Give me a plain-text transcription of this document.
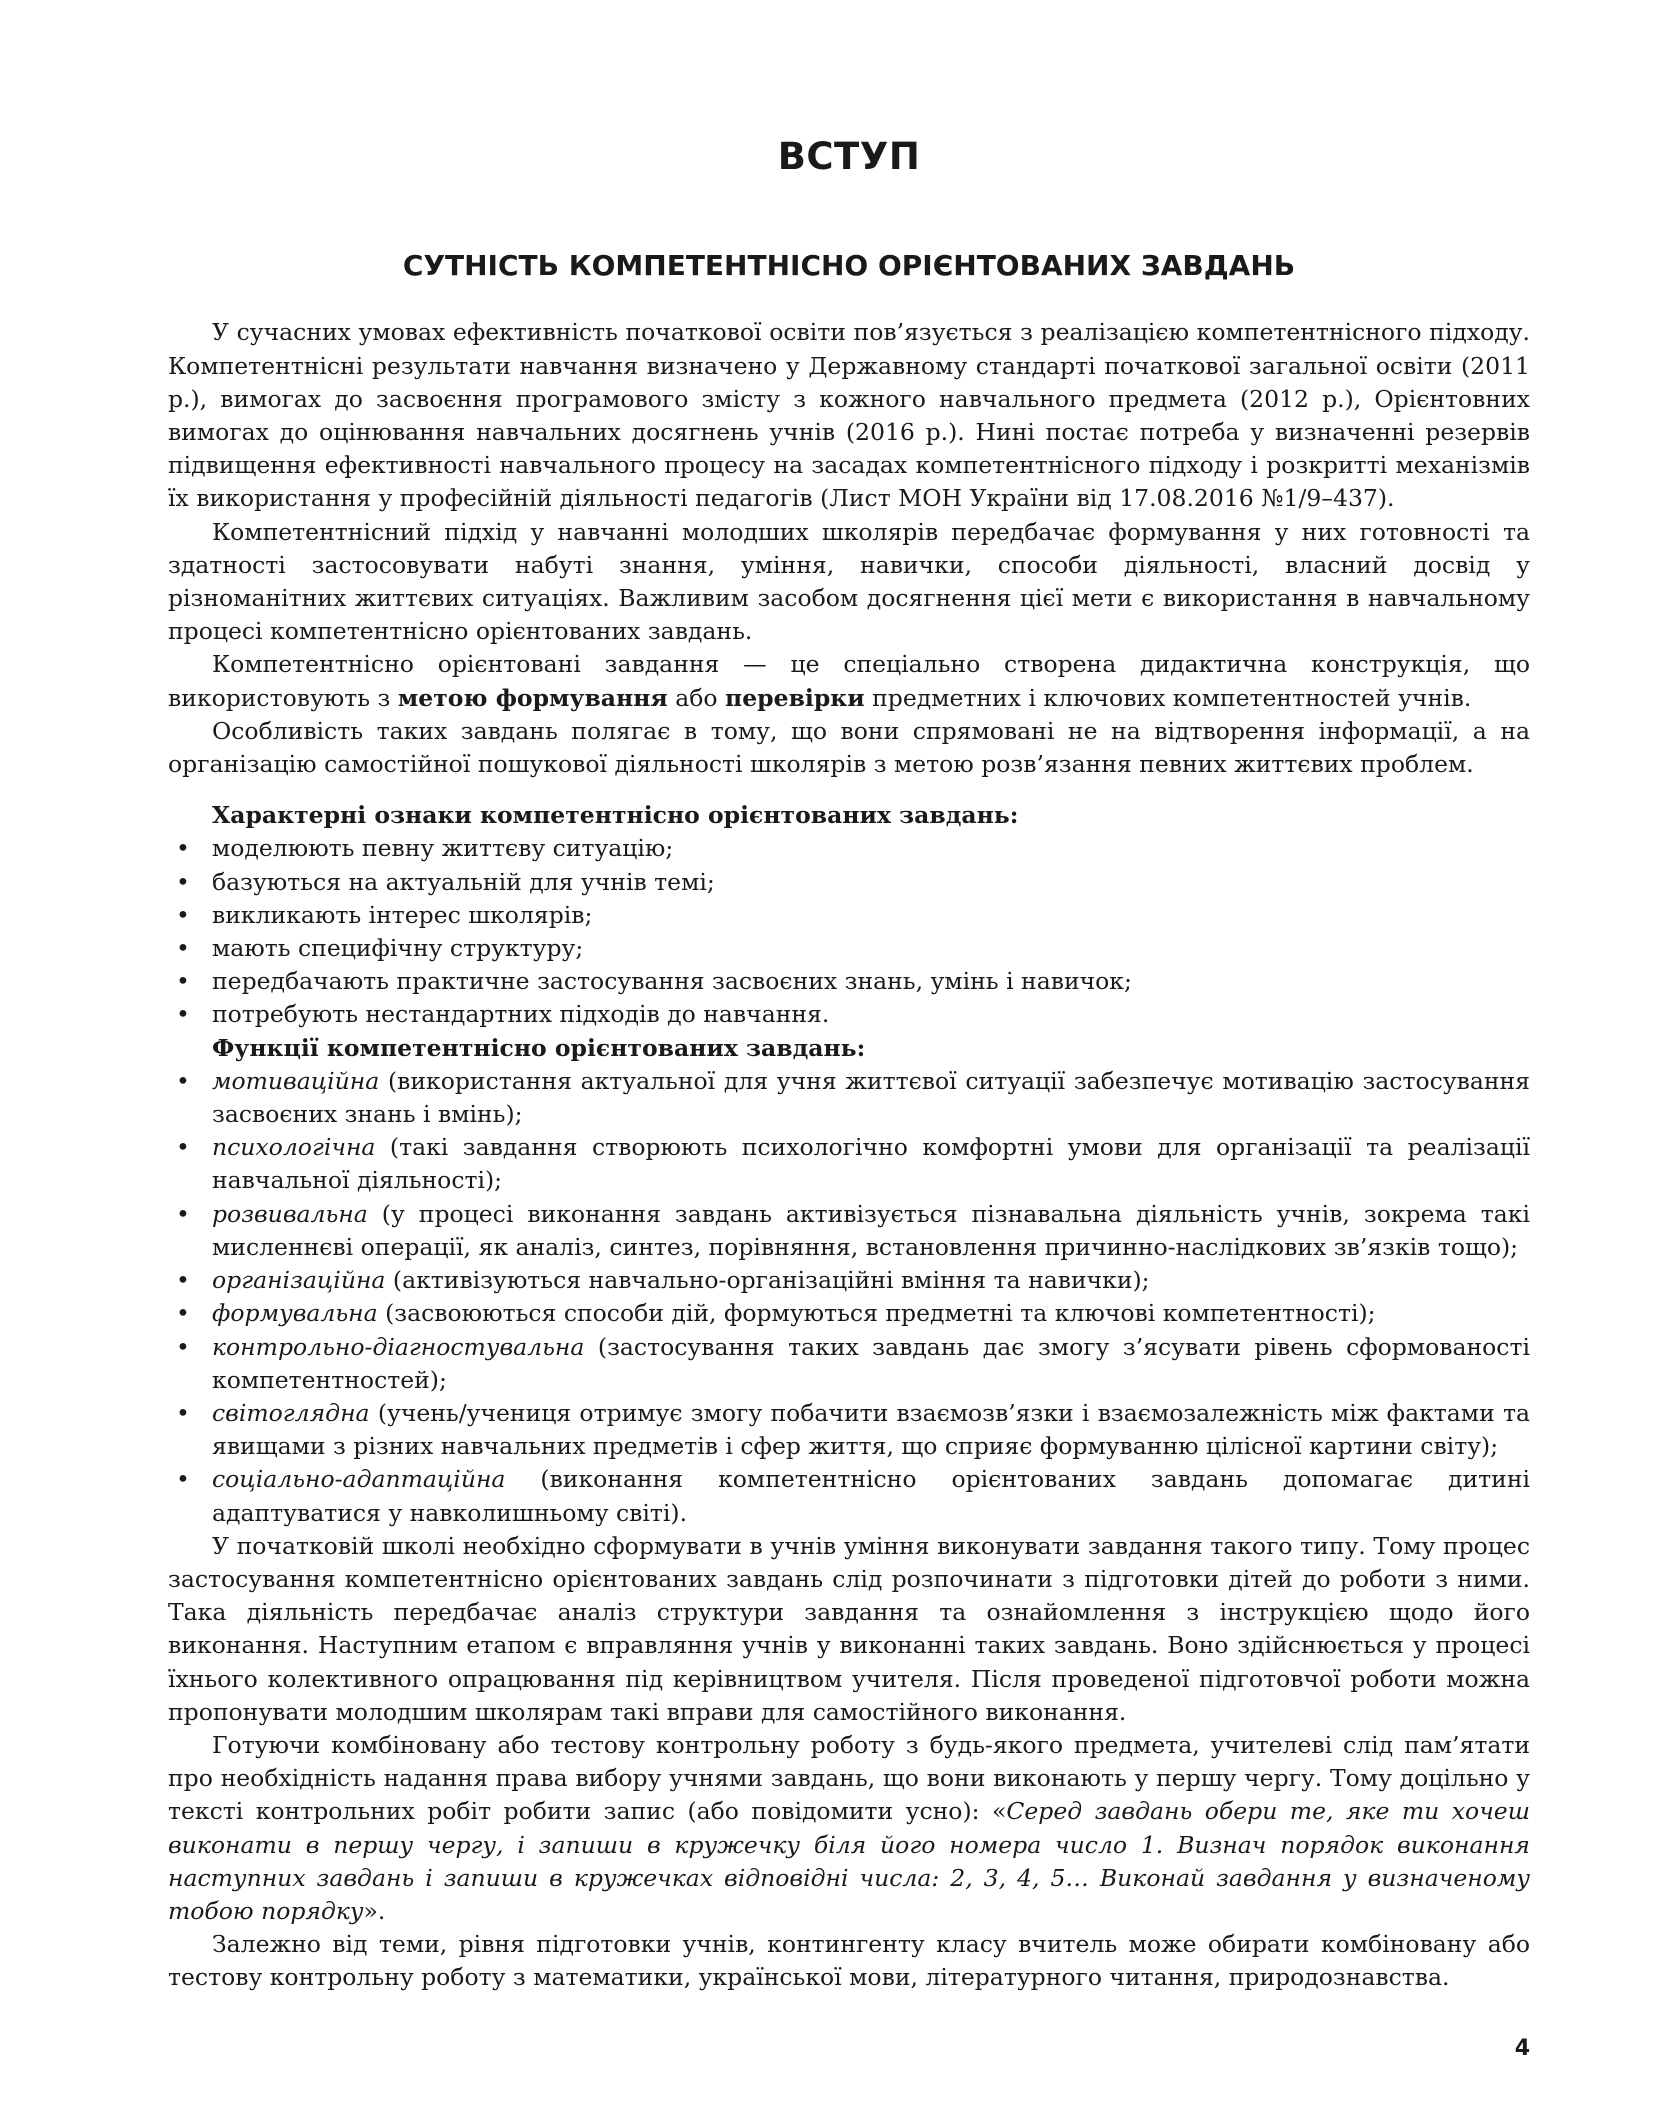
ВСТУП
СУТНІСТЬ КОМПЕТЕНТНІСНО ОРІЄНТОВАНИХ ЗАВДАНЬ

У сучасних умовах ефективність початкової освіти пов’язується з реалізацією компетентнісного підходу. Компетентнісні результати навчання визначено у Державному стандарті початкової загальної освіти (2011 р.), вимогах до засвоєння програмового змісту з кожного навчального предмета (2012 р.), Орієнтовних вимогах до оцінювання навчальних досягнень учнів (2016 р.). Нині постає потреба у визначенні резервів підвищення ефективності навчального процесу на засадах компетентнісного підходу і розкритті механізмів їх використання у професійній діяльності педагогів (Лист МОН України від 17.08.2016 №1/9–437).

Компетентнісний підхід у навчанні молодших школярів передбачає формування у них готовності та здатності застосовувати набуті знання, уміння, навички, способи діяльності, власний досвід у різноманітних життєвих ситуаціях. Важливим засобом досягнення цієї мети є використання в навчальному процесі компетентнісно орієнтованих завдань.

Компетентнісно орієнтовані завдання — це спеціально створена дидактична конструкція, що використовують з метою формування або перевірки предметних і ключових компетентностей учнів.

Особливість таких завдань полягає в тому, що вони спрямовані не на відтворення інформації, а на організацію самостійної пошукової діяльності школярів з метою розв’язання певних життєвих проблем.

Характерні ознаки компетентнісно орієнтованих завдань:
• моделюють певну життєву ситуацію;
• базуються на актуальній для учнів темі;
• викликають інтерес школярів;
• мають специфічну структуру;
• передбачають практичне застосування засвоєних знань, умінь і навичок;
• потребують нестандартних підходів до навчання.
Функції компетентнісно орієнтованих завдань:
• мотиваційна (використання актуальної для учня життєвої ситуації забезпечує мотивацію застосування засвоєних знань і вмінь);
• психологічна (такі завдання створюють психологічно комфортні умови для організації та реалізації навчальної діяльності);
• розвивальна (у процесі виконання завдань активізується пізнавальна діяльність учнів, зокрема такі мисленнєві операції, як аналіз, синтез, порівняння, встановлення причинно-наслідкових зв’язків тощо);
• організаційна (активізуються навчально-організаційні вміння та навички);
• формувальна (засвоюються способи дій, формуються предметні та ключові компетентності);
• контрольно-діагностувальна (застосування таких завдань дає змогу з’ясувати рівень сформованості компетентностей);
• світоглядна (учень/учениця отримує змогу побачити взаємозв’язки і взаємозалежність між фактами та явищами з різних навчальних предметів і сфер життя, що сприяє формуванню цілісної картини світу);
• соціально-адаптаційна (виконання компетентнісно орієнтованих завдань допомагає дитині адаптуватися у навколишньому світі).

У початковій школі необхідно сформувати в учнів уміння виконувати завдання такого типу. Тому процес застосування компетентнісно орієнтованих завдань слід розпочинати з підготовки дітей до роботи з ними. Така діяльність передбачає аналіз структури завдання та ознайомлення з інструкцією щодо його виконання. Наступним етапом є вправляння учнів у виконанні таких завдань. Воно здійснюється у процесі їхнього колективного опрацювання під керівництвом учителя. Після проведеної підготовчої роботи можна пропонувати молодшим школярам такі вправи для самостійного виконання.

Готуючи комбіновану або тестову контрольну роботу з будь-якого предмета, учителеві слід пам’ятати про необхідність надання права вибору учнями завдань, що вони виконають у першу чергу. Тому доцільно у тексті контрольних робіт робити запис (або повідомити усно): «Серед завдань обери те, яке ти хочеш виконати в першу чергу, і запиши в кружечку біля його номера число 1. Визнач порядок виконання наступних завдань і запиши в кружечках відповідні числа: 2, 3, 4, 5… Виконай завдання у визначеному тобою порядку».

Залежно від теми, рівня підготовки учнів, контингенту класу вчитель може обирати комбіновану або тестову контрольну роботу з математики, української мови, літературного читання, природознавства.

4
